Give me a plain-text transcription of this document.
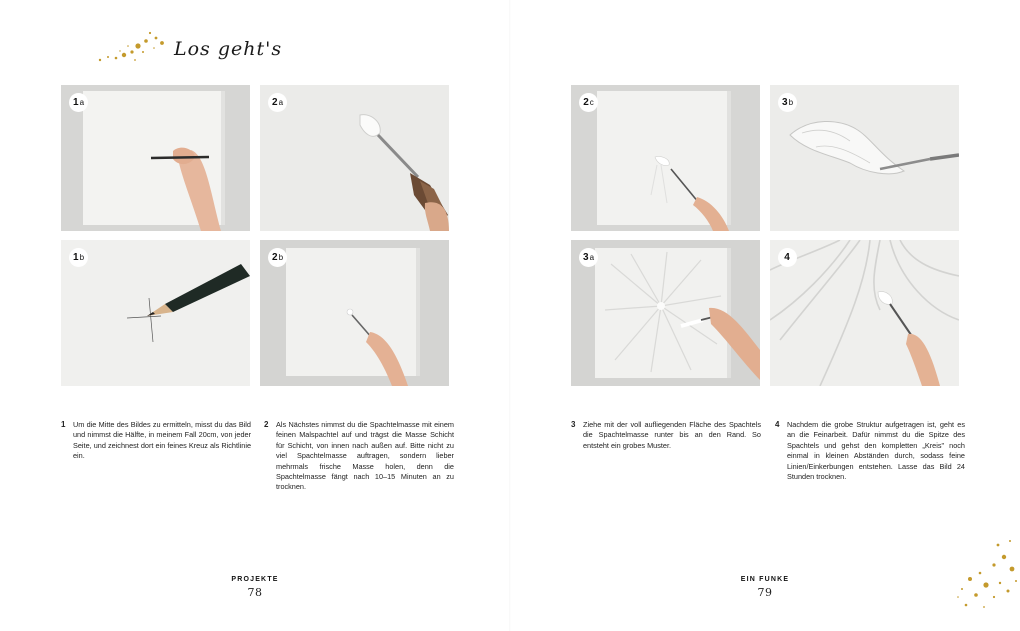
Los geht's
1 a	2 a
1 b	2 b
2 c	3 b
3 a	4
1 Um die Mitte des Bildes zu ermitteln, misst du das Bild und nimmst die Hälfte, in meinem Fall 20cm, von jeder Seite, und zeichnest dort ein feines Kreuz als Richtlinie ein.
2 Als Nächstes nimmst du die Spachtelmasse mit einem feinen Malspachtel auf und trägst die Masse Schicht für Schicht, von innen nach außen auf. Bitte nicht zu viel Spachtelmasse auftragen, sondern lieber mehrmals frische Masse holen, denn die Spachtelmasse fängt nach 10–15 Minuten an zu trocknen.
3 Ziehe mit der voll aufliegenden Fläche des Spachtels die Spachtelmasse runter bis an den Rand. So entsteht ein grobes Muster.
4 Nachdem die grobe Struktur aufgetragen ist, geht es an die Feinarbeit. Dafür nimmst du die Spitze des Spachtels und gehst den kompletten „Kreis" noch einmal in kleinen Abständen durch, sodass feine Linien/Einkerbungen entstehen. Lasse das Bild 24 Stunden trocknen.
PROJEKTE
78
EIN FUNKE
79
